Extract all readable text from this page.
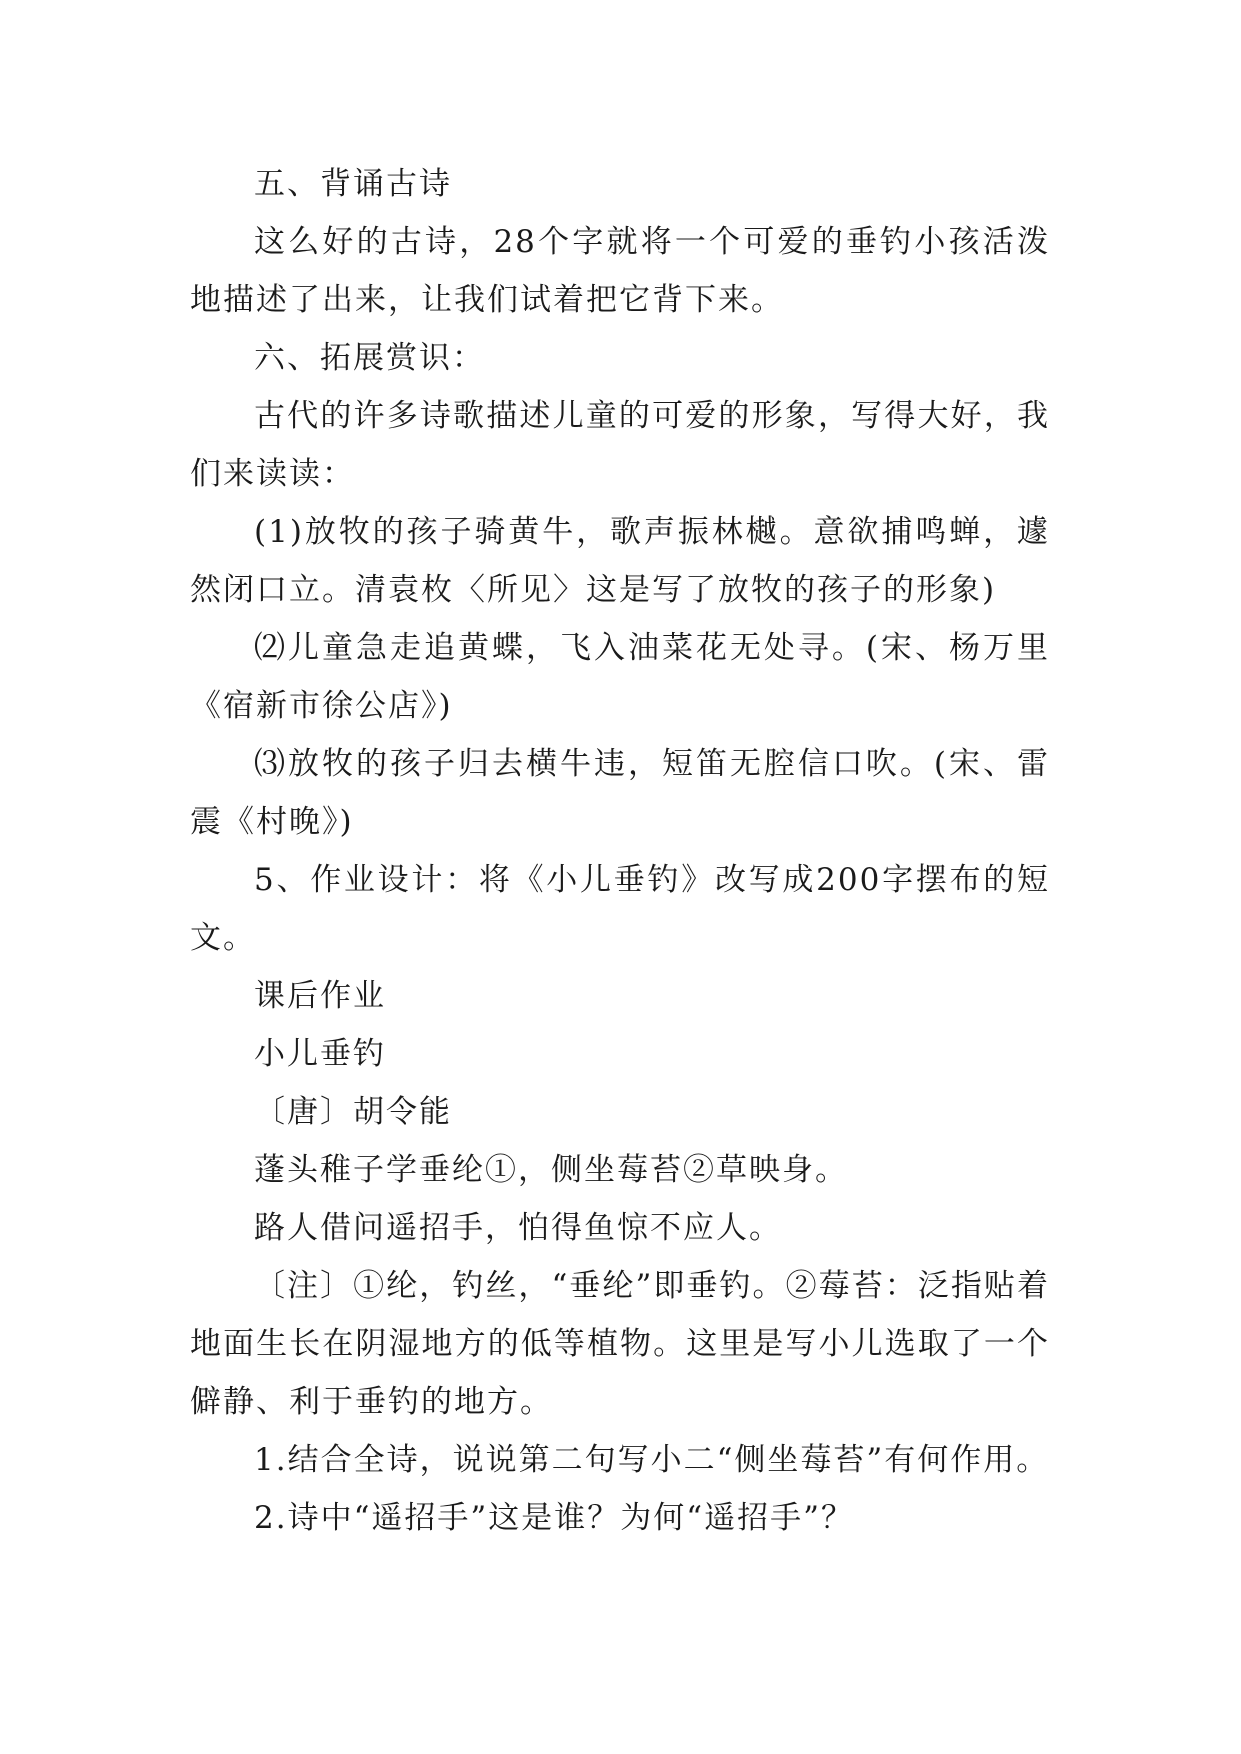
五、背诵古诗

这么好的古诗，28个字就将一个可爱的垂钓小孩活泼地描述了出来，让我们试着把它背下来。

六、拓展赏识：

古代的许多诗歌描述儿童的可爱的形象，写得大好，我们来读读：

(1)放牧的孩子骑黄牛，歌声振林樾。意欲捕鸣蝉，遽然闭口立。清袁枚〈所见〉这是写了放牧的孩子的形象)

⑵儿童急走追黄蝶，飞入油菜花无处寻。(宋、杨万里《宿新市徐公店》)

⑶放牧的孩子归去横牛违，短笛无腔信口吹。(宋、雷震《村晚》)

5、作业设计：将《小儿垂钓》改写成200字摆布的短文。

课后作业

小儿垂钓

〔唐〕胡令能

蓬头稚子学垂纶①，侧坐莓苔②草映身。

路人借问遥招手，怕得鱼惊不应人。

〔注〕①纶，钓丝，“垂纶”即垂钓。②莓苔：泛指贴着地面生长在阴湿地方的低等植物。这里是写小儿选取了一个僻静、利于垂钓的地方。

1.结合全诗，说说第二句写小二“侧坐莓苔”有何作用。

2.诗中“遥招手”这是谁？为何“遥招手”？
